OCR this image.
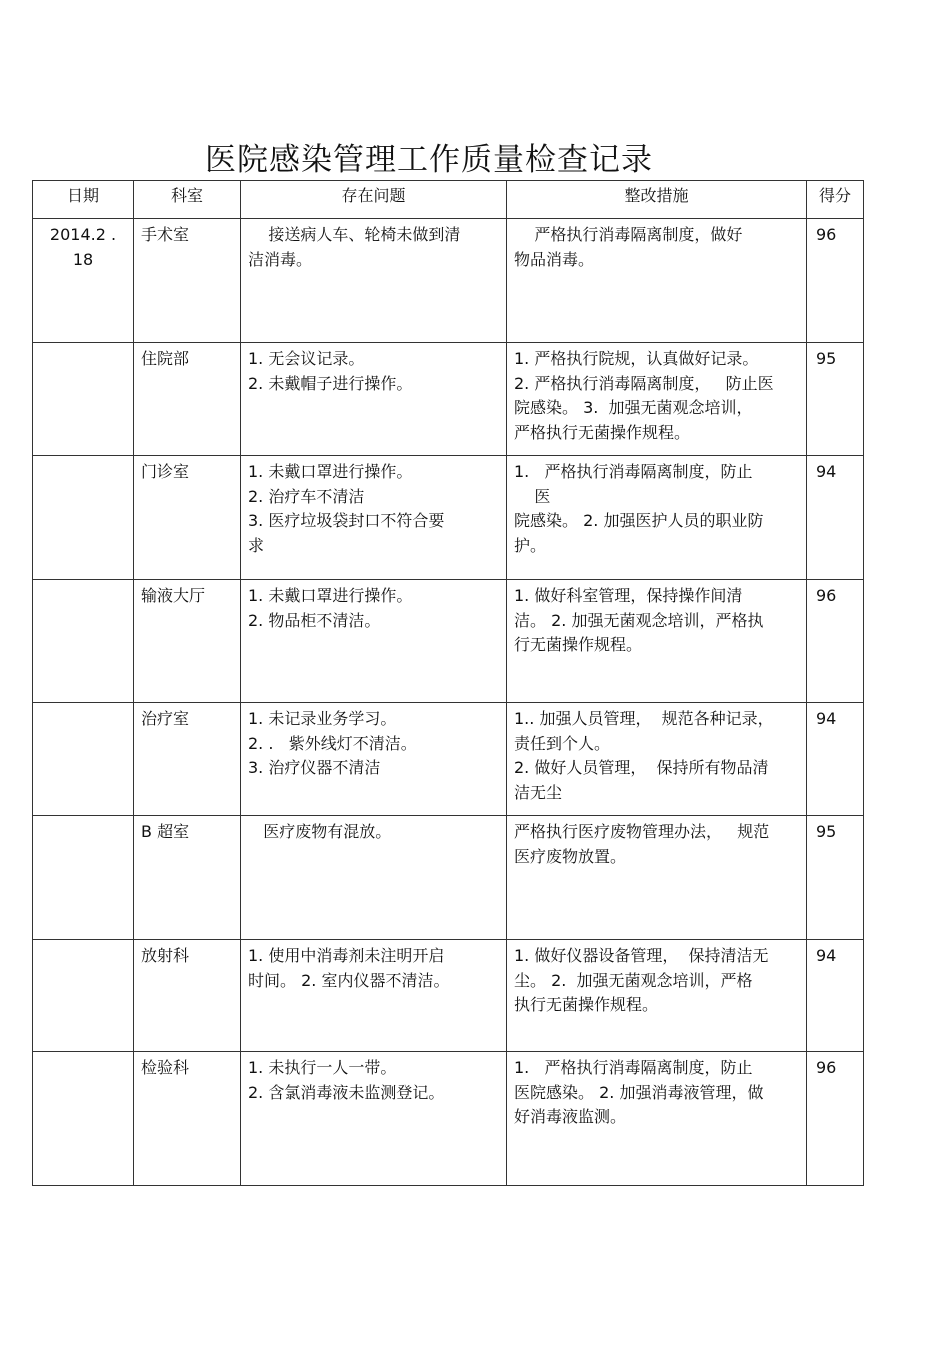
医院感染管理工作质量检查记录
日期	科室	存在问题	整改措施	得分

2014.2 .
18	手术室	接送病人车、轮椅未做到清
洁消毒。	严格执行消毒隔离制度，做好
物品消毒。	96

	住院部	1. 无会议记录。
2. 未戴帽子进行操作。	1. 严格执行院规，认真做好记录。
2. 严格执行消毒隔离制度，   防止医
院感染。 3.  加强无菌观念培训，
严格执行无菌操作规程。	95

	门诊室	1. 未戴口罩进行操作。
2. 治疗车不清洁
3. 医疗垃圾袋封口不符合要
求	1.   严格执行消毒隔离制度，防止
医
院感染。 2. 加强医护人员的职业防
护。	94

	输液大厅	1. 未戴口罩进行操作。
2. 物品柜不清洁。	1. 做好科室管理，保持操作间清
洁。 2. 加强无菌观念培训，严格执
行无菌操作规程。	96

	治疗室	1. 未记录业务学习。
2. .   紫外线灯不清洁。
3. 治疗仪器不清洁	1.. 加强人员管理，  规范各种记录，
责任到个人。
2. 做好人员管理，  保持所有物品清
洁无尘	94

	B 超室	医疗废物有混放。	严格执行医疗废物管理办法，   规范
医疗废物放置。	95

	放射科	1. 使用中消毒剂未注明开启
时间。 2. 室内仪器不清洁。	1. 做好仪器设备管理，  保持清洁无
尘。 2.  加强无菌观念培训，严格
执行无菌操作规程。	94

	检验科	1. 未执行一人一带。
2. 含氯消毒液未监测登记。	1.   严格执行消毒隔离制度，防止
医院感染。 2. 加强消毒液管理，做
好消毒液监测。	96
